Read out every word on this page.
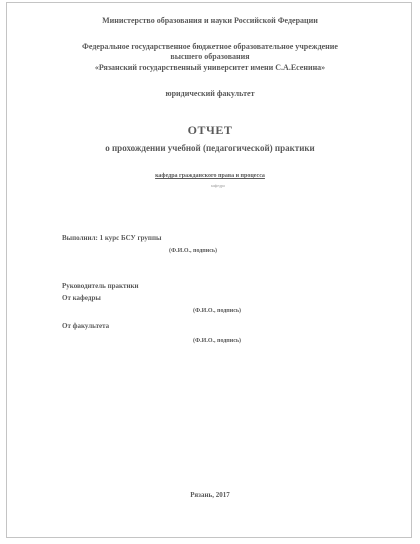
Министерство образования и науки Российской Федерации
Федеральное государственное бюджетное образовательное учреждение
высшего образования
«Рязанский государственный университет имени С.А.Есенина»
юридический факультет
ОТЧЕТ
о прохождении учебной (педагогической) практики
кафедра гражданского права и процесса
кафедра
Выполнил: 1 курс БСУ группы
(Ф.И.О., подпись)
Руководитель практики
От кафедры
(Ф.И.О., подпись)
От факультета
(Ф.И.О., подпись)
Рязань, 2017
